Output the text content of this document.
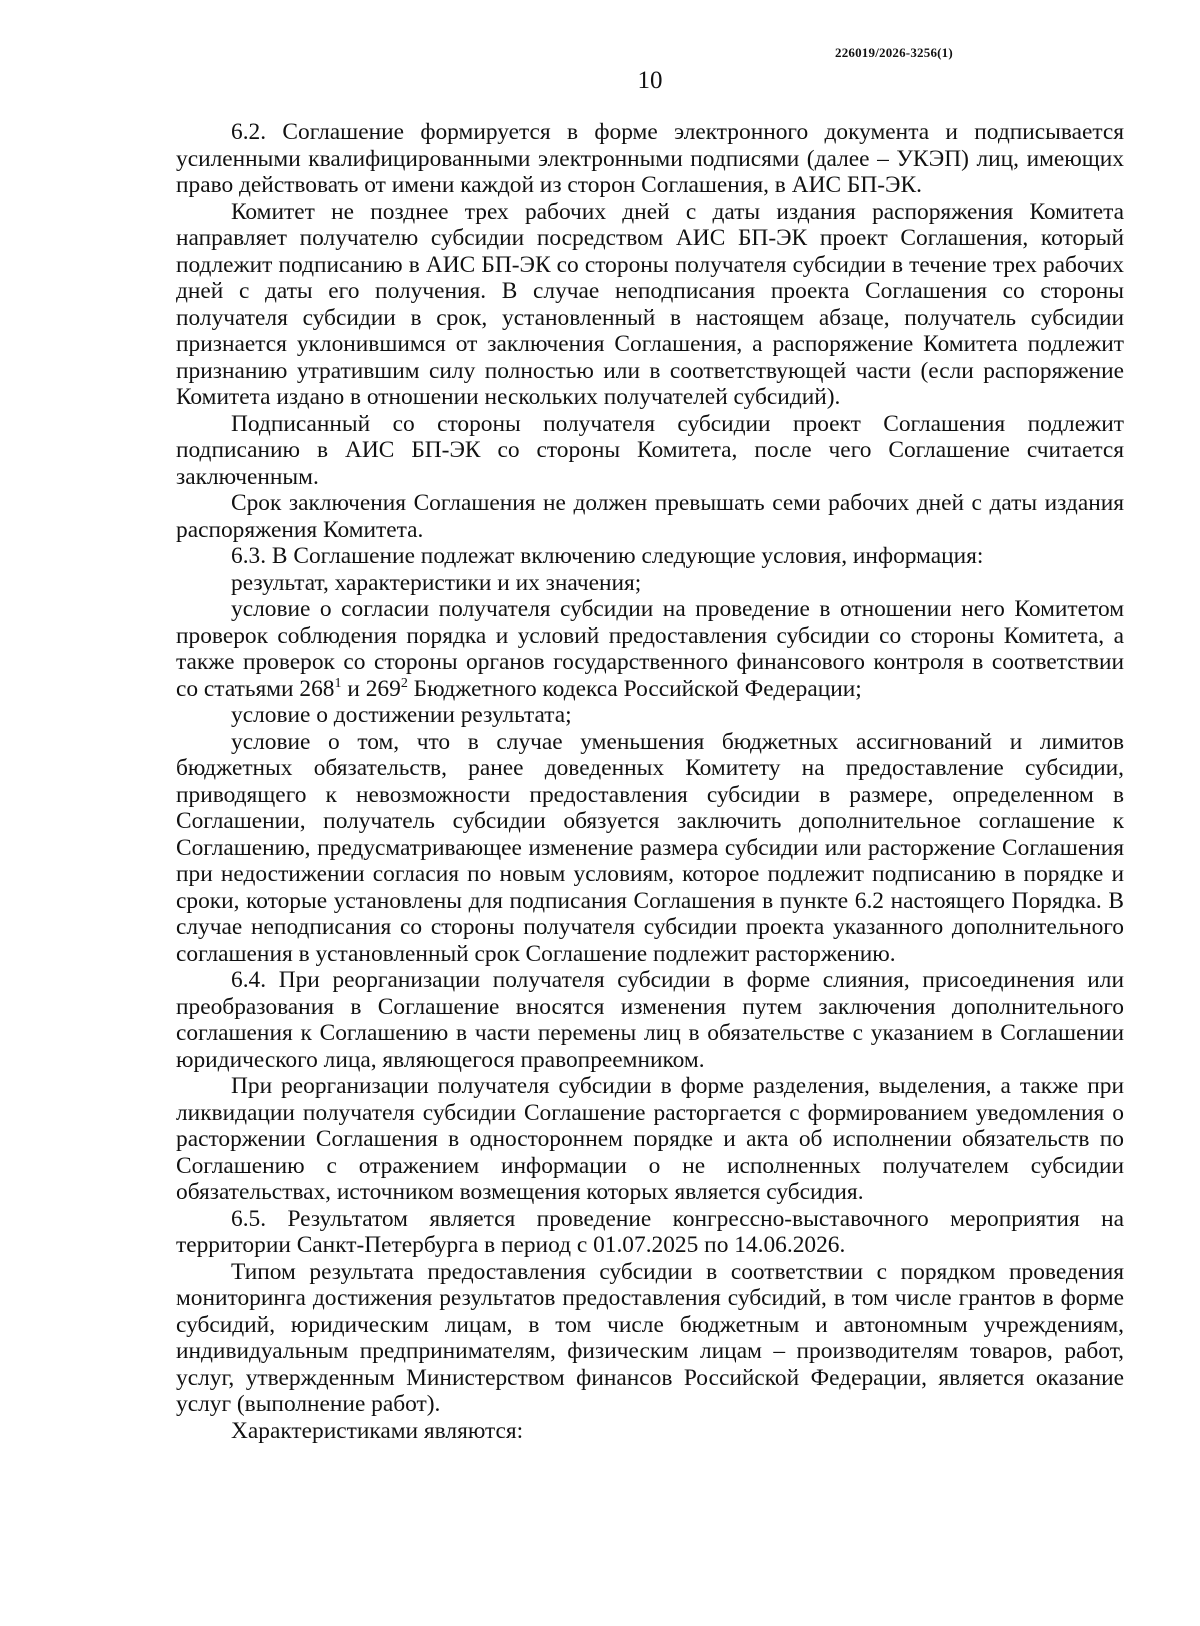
226019/2026-3256(1)
10

6.2. Соглашение формируется в форме электронного документа и подписывается усиленными квалифицированными электронными подписями (далее – УКЭП) лиц, имеющих право действовать от имени каждой из сторон Соглашения, в АИС БП-ЭК.

Комитет не позднее трех рабочих дней с даты издания распоряжения Комитета направляет получателю субсидии посредством АИС БП-ЭК проект Соглашения, который подлежит подписанию в АИС БП-ЭК со стороны получателя субсидии в течение трех рабочих дней с даты его получения. В случае неподписания проекта Соглашения со стороны получателя субсидии в срок, установленный в настоящем абзаце, получатель субсидии признается уклонившимся от заключения Соглашения, а распоряжение Комитета подлежит признанию утратившим силу полностью или в соответствующей части (если распоряжение Комитета издано в отношении нескольких получателей субсидий).

Подписанный со стороны получателя субсидии проект Соглашения подлежит подписанию в АИС БП-ЭК со стороны Комитета, после чего Соглашение считается заключенным.

Срок заключения Соглашения не должен превышать семи рабочих дней с даты издания распоряжения Комитета.

6.3. В Соглашение подлежат включению следующие условия, информация:

результат, характеристики и их значения;

условие о согласии получателя субсидии на проведение в отношении него Комитетом проверок соблюдения порядка и условий предоставления субсидии со стороны Комитета, а также проверок со стороны органов государственного финансового контроля в соответствии со статьями $268^1$ и $269^2$ Бюджетного кодекса Российской Федерации;

условие о достижении результата;

условие о том, что в случае уменьшения бюджетных ассигнований и лимитов бюджетных обязательств, ранее доведенных Комитету на предоставление субсидии, приводящего к невозможности предоставления субсидии в размере, определенном в Соглашении, получатель субсидии обязуется заключить дополнительное соглашение к Соглашению, предусматривающее изменение размера субсидии или расторжение Соглашения при недостижении согласия по новым условиям, которое подлежит подписанию в порядке и сроки, которые установлены для подписания Соглашения в пункте 6.2 настоящего Порядка. В случае неподписания со стороны получателя субсидии проекта указанного дополнительного соглашения в установленный срок Соглашение подлежит расторжению.

6.4. При реорганизации получателя субсидии в форме слияния, присоединения или преобразования в Соглашение вносятся изменения путем заключения дополнительного соглашения к Соглашению в части перемены лиц в обязательстве с указанием в Соглашении юридического лица, являющегося правопреемником.

При реорганизации получателя субсидии в форме разделения, выделения, а также при ликвидации получателя субсидии Соглашение расторгается с формированием уведомления о расторжении Соглашения в одностороннем порядке и акта об исполнении обязательств по Соглашению с отражением информации о не исполненных получателем субсидии обязательствах, источником возмещения которых является субсидия.

6.5. Результатом является проведение конгрессно-выставочного мероприятия на территории Санкт-Петербурга в период с 01.07.2025 по 14.06.2026.

Типом результата предоставления субсидии в соответствии с порядком проведения мониторинга достижения результатов предоставления субсидий, в том числе грантов в форме субсидий, юридическим лицам, в том числе бюджетным и автономным учреждениям, индивидуальным предпринимателям, физическим лицам – производителям товаров, работ, услуг, утвержденным Министерством финансов Российской Федерации, является оказание услуг (выполнение работ).

Характеристиками являются:
